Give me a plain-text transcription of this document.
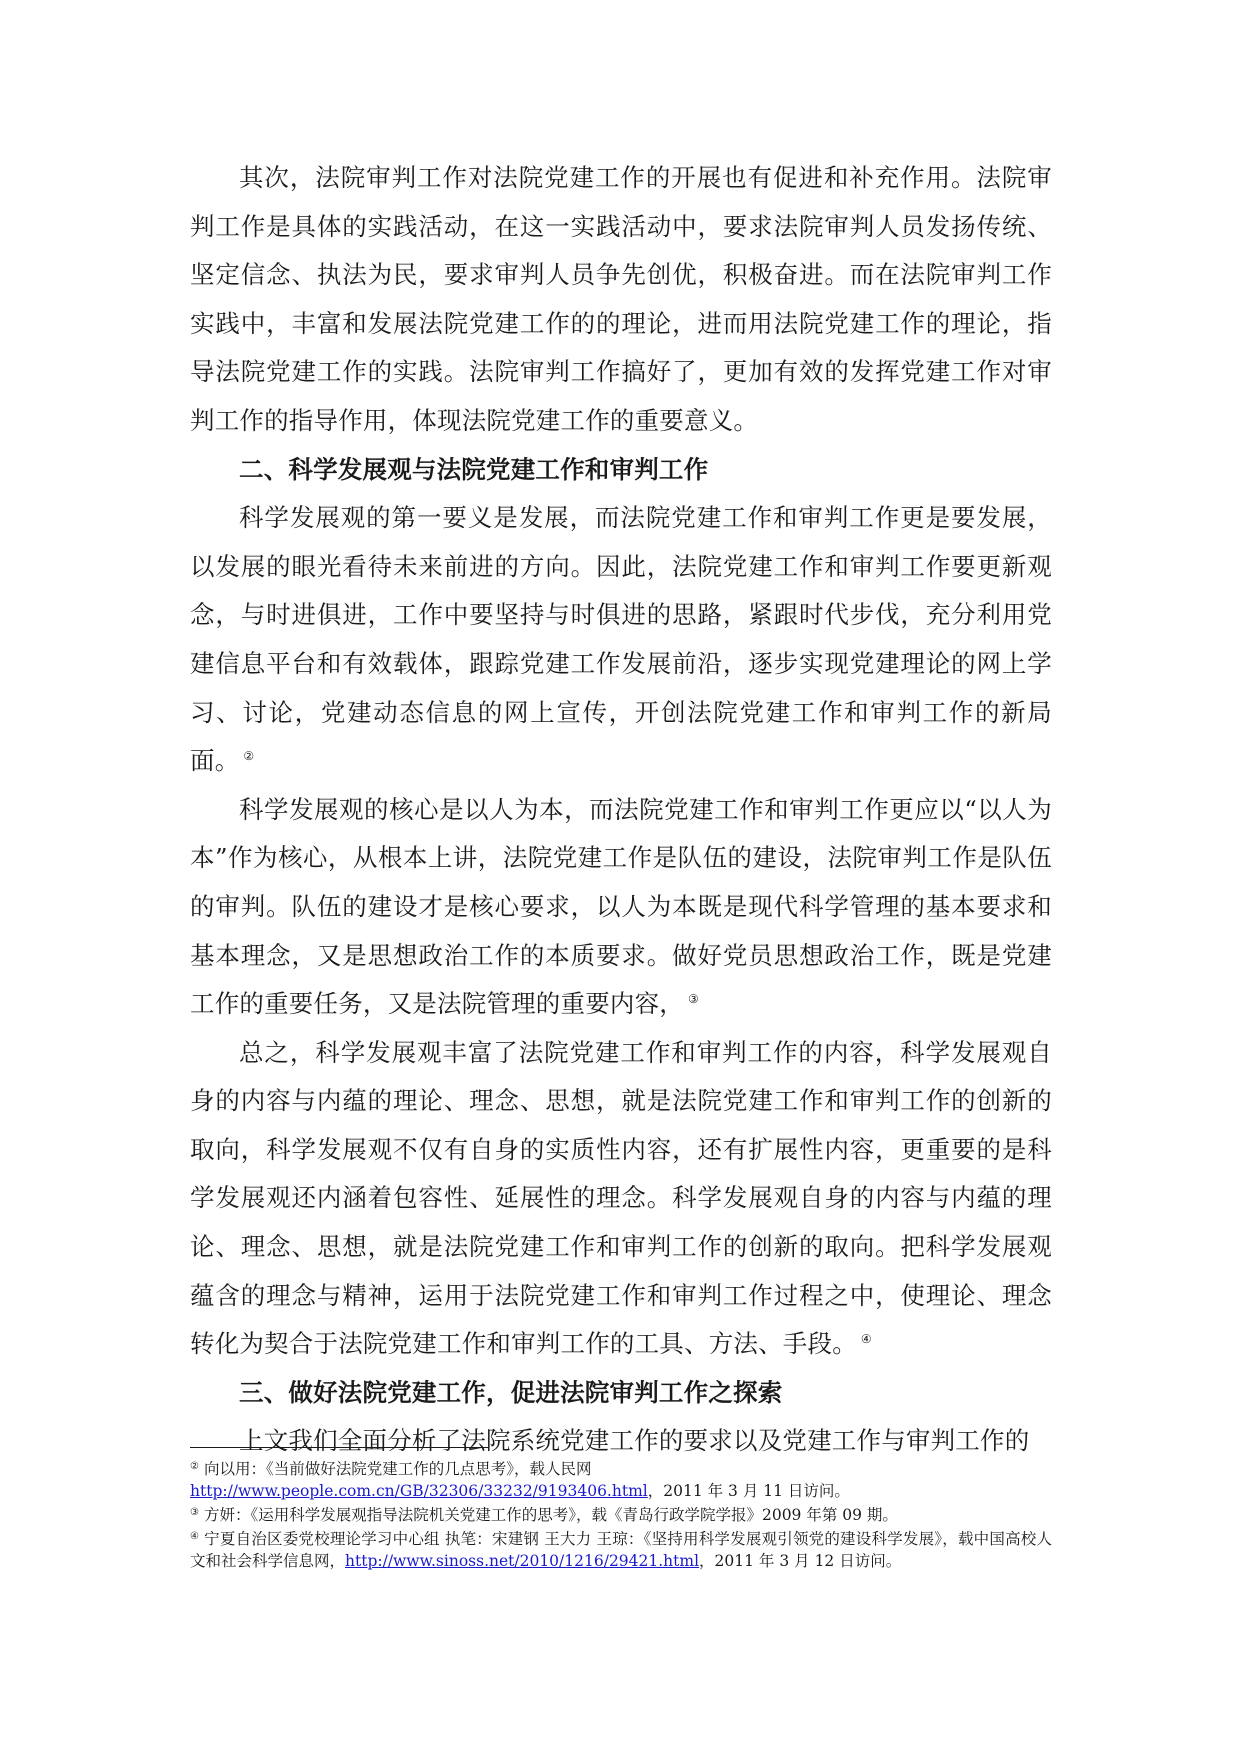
其次，法院审判工作对法院党建工作的开展也有促进和补充作用。法院审判工作是具体的实践活动，在这一实践活动中，要求法院审判人员发扬传统、坚定信念、执法为民，要求审判人员争先创优，积极奋进。而在法院审判工作实践中，丰富和发展法院党建工作的的理论，进而用法院党建工作的理论，指导法院党建工作的实践。法院审判工作搞好了，更加有效的发挥党建工作对审判工作的指导作用，体现法院党建工作的重要意义。

二、科学发展观与法院党建工作和审判工作

科学发展观的第一要义是发展，而法院党建工作和审判工作更是要发展，以发展的眼光看待未来前进的方向。因此，法院党建工作和审判工作要更新观念，与时进俱进，工作中要坚持与时俱进的思路，紧跟时代步伐，充分利用党建信息平台和有效载体，跟踪党建工作发展前沿，逐步实现党建理论的网上学习、讨论，党建动态信息的网上宣传，开创法院党建工作和审判工作的新局面。 ②

科学发展观的核心是以人为本，而法院党建工作和审判工作更应以“以人为本”作为核心，从根本上讲，法院党建工作是队伍的建设，法院审判工作是队伍的审判。队伍的建设才是核心要求，以人为本既是现代科学管理的基本要求和基本理念，又是思想政治工作的本质要求。做好党员思想政治工作，既是党建工作的重要任务，又是法院管理的重要内容， ③

总之，科学发展观丰富了法院党建工作和审判工作的内容，科学发展观自身的内容与内蕴的理论、理念、思想，就是法院党建工作和审判工作的创新的取向，科学发展观不仅有自身的实质性内容，还有扩展性内容，更重要的是科学发展观还内涵着包容性、延展性的理念。科学发展观自身的内容与内蕴的理论、理念、思想，就是法院党建工作和审判工作的创新的取向。把科学发展观蕴含的理念与精神，运用于法院党建工作和审判工作过程之中，使理论、理念转化为契合于法院党建工作和审判工作的工具、方法、手段。 ④

三、做好法院党建工作，促进法院审判工作之探索

上文我们全面分析了法院系统党建工作的要求以及党建工作与审判工作的

② 向以用：《当前做好法院党建工作的几点思考》，载人民网
http://www.people.com.cn/GB/32306/33232/9193406.html，2011 年 3 月 11 日访问。

③ 方妍：《运用科学发展观指导法院机关党建工作的思考》，载《青岛行政学院学报》2009 年第 09 期。

④ 宁夏自治区委党校理论学习中心组 执笔：宋建钢 王大力 王琼：《坚持用科学发展观引领党的建设科学发展》，载中国高校人文和社会科学信息网，http://www.sinoss.net/2010/1216/29421.html，2011 年 3 月 12 日访问。
